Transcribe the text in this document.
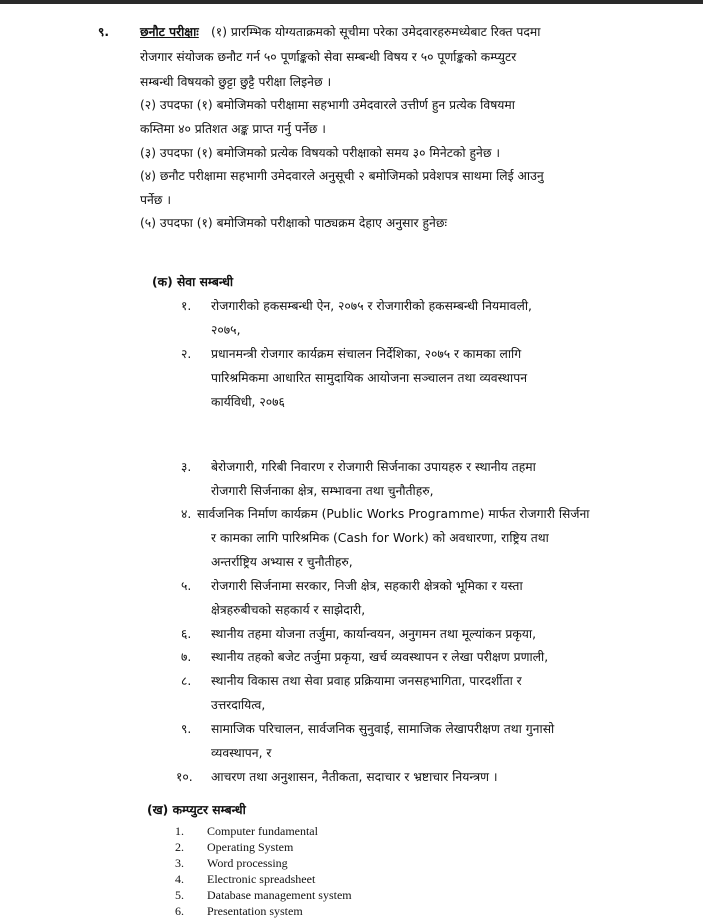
९.	छनौट परीक्षाः (१) प्रारम्भिक योग्यताक्रमको सूचीमा परेका उमेदवारहरुमध्येबाट रिक्त पदमा
रोजगार संयोजक छनौट गर्न ५० पूर्णाङ्कको सेवा सम्बन्धी विषय र ५० पूर्णाङ्कको कम्प्युटर
सम्बन्धी विषयको छुट्टा छुट्टै परीक्षा लिइनेछ ।
(२) उपदफा (१) बमोजिमको परीक्षामा सहभागी उमेदवारले उत्तीर्ण हुन प्रत्येक विषयमा
कम्तिमा ४० प्रतिशत अङ्क प्राप्त गर्नु पर्नेछ ।
(३) उपदफा (१) बमोजिमको प्रत्येक विषयको परीक्षाको समय ३० मिनेटको हुनेछ ।
(४) छनौट परीक्षामा सहभागी उमेदवारले अनुसूची २ बमोजिमको प्रवेशपत्र साथमा लिई आउनु
पर्नेछ ।
(५) उपदफा (१) बमोजिमको परीक्षाको पाठ्यक्रम देहाए अनुसार हुनेछः
(क) सेवा सम्बन्धी
१. रोजगारीको हकसम्बन्धी ऐन, २०७५ र रोजगारीको हकसम्बन्धी नियमावली,
२०७५,
२. प्रधानमन्त्री रोजगार कार्यक्रम संचालन निर्देशिका, २०७५ र कामका लागि
पारिश्रमिकमा आधारित सामुदायिक आयोजना सञ्चालन तथा व्यवस्थापन
कार्यविधी, २०७६
३. बेरोजगारी, गरिबी निवारण र रोजगारी सिर्जनाका उपायहरु र स्थानीय तहमा
रोजगारी सिर्जनाका क्षेत्र, सम्भावना तथा चुनौतीहरु,
४. सार्वजनिक निर्माण कार्यक्रम (Public Works Programme) मार्फत रोजगारी सिर्जना
र कामका लागि पारिश्रमिक (Cash for Work) को अवधारणा, राष्ट्रिय तथा
अन्तर्राष्ट्रिय अभ्यास र चुनौतीहरु,
५. रोजगारी सिर्जनामा सरकार, निजी क्षेत्र, सहकारी क्षेत्रको भूमिका र यस्ता
क्षेत्रहरुबीचको सहकार्य र साझेदारी,
६. स्थानीय तहमा योजना तर्जुमा, कार्यान्वयन, अनुगमन तथा मूल्यांकन प्रकृया,
७. स्थानीय तहको बजेट तर्जुमा प्रकृया, खर्च व्यवस्थापन र लेखा परीक्षण प्रणाली,
८. स्थानीय विकास तथा सेवा प्रवाह प्रक्रियामा जनसहभागिता, पारदर्शीता र
उत्तरदायित्व,
९. सामाजिक परिचालन, सार्वजनिक सुनुवाई, सामाजिक लेखापरीक्षण तथा गुनासो
व्यवस्थापन, र
१०. आचरण तथा अनुशासन, नैतीकता, सदाचार र भ्रष्टाचार नियन्त्रण ।
(ख) कम्प्युटर सम्बन्धी
1. Computer fundamental
2. Operating System
3. Word processing
4. Electronic spreadsheet
5. Database management system
6. Presentation system
